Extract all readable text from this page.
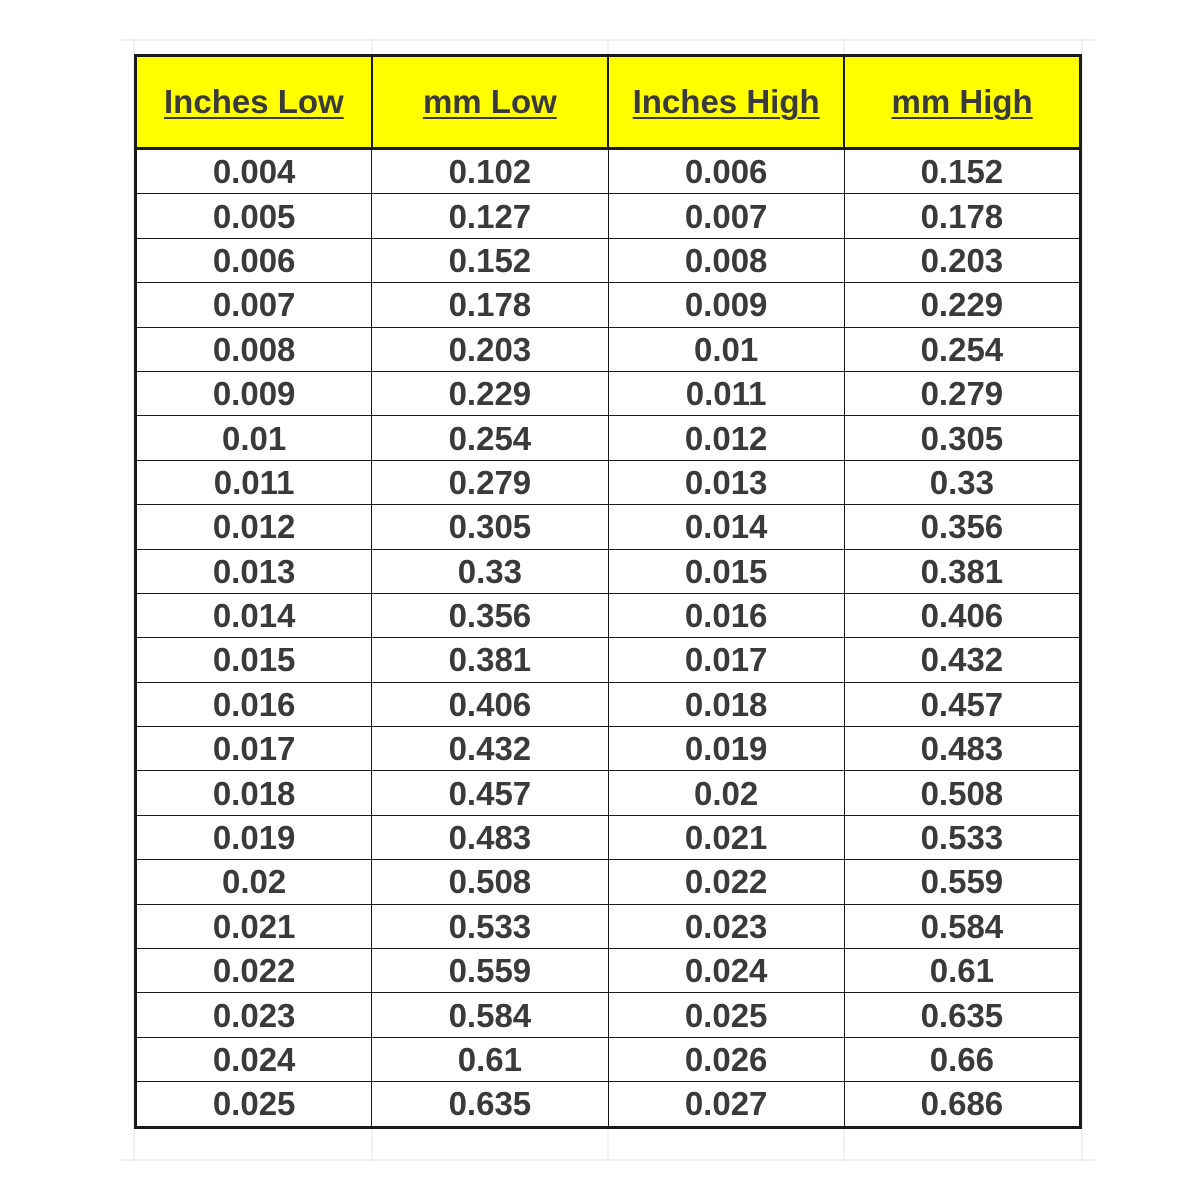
Inches Low	mm Low	Inches High	mm High
0.004	0.102	0.006	0.152
0.005	0.127	0.007	0.178
0.006	0.152	0.008	0.203
0.007	0.178	0.009	0.229
0.008	0.203	0.01	0.254
0.009	0.229	0.011	0.279
0.01	0.254	0.012	0.305
0.011	0.279	0.013	0.33
0.012	0.305	0.014	0.356
0.013	0.33	0.015	0.381
0.014	0.356	0.016	0.406
0.015	0.381	0.017	0.432
0.016	0.406	0.018	0.457
0.017	0.432	0.019	0.483
0.018	0.457	0.02	0.508
0.019	0.483	0.021	0.533
0.02	0.508	0.022	0.559
0.021	0.533	0.023	0.584
0.022	0.559	0.024	0.61
0.023	0.584	0.025	0.635
0.024	0.61	0.026	0.66
0.025	0.635	0.027	0.686
